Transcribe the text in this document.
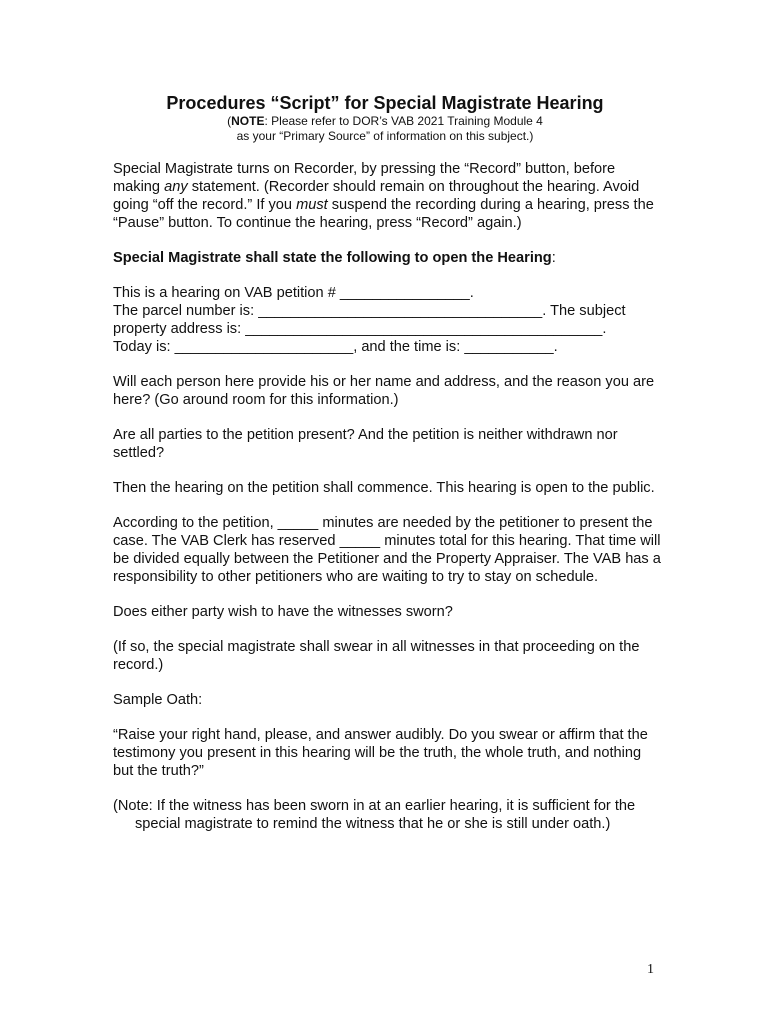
Procedures “Script” for Special Magistrate Hearing
(NOTE: Please refer to DOR’s VAB 2021 Training Module 4
as your “Primary Source” of information on this subject.)

Special Magistrate turns on Recorder, by pressing the “Record” button, before making any statement. (Recorder should remain on throughout the hearing. Avoid going “off the record.” If you must suspend the recording during a hearing, press the “Pause” button. To continue the hearing, press “Record” again.)

Special Magistrate shall state the following to open the Hearing:

This is a hearing on VAB petition # ________________.
The parcel number is: ___________________________________. The subject
property address is: ____________________________________________.
Today is: ______________________, and the time is: ___________.

Will each person here provide his or her name and address, and the reason you are here? (Go around room for this information.)

Are all parties to the petition present? And the petition is neither withdrawn nor settled?

Then the hearing on the petition shall commence. This hearing is open to the public.

According to the petition, _____ minutes are needed by the petitioner to present the case. The VAB Clerk has reserved _____ minutes total for this hearing. That time will be divided equally between the Petitioner and the Property Appraiser. The VAB has a responsibility to other petitioners who are waiting to try to stay on schedule.

Does either party wish to have the witnesses sworn?

(If so, the special magistrate shall swear in all witnesses in that proceeding on the record.)

Sample Oath:

“Raise your right hand, please, and answer audibly. Do you swear or affirm that the testimony you present in this hearing will be the truth, the whole truth, and nothing but the truth?”

(Note: If the witness has been sworn in at an earlier hearing, it is sufficient for the special magistrate to remind the witness that he or she is still under oath.)

1
